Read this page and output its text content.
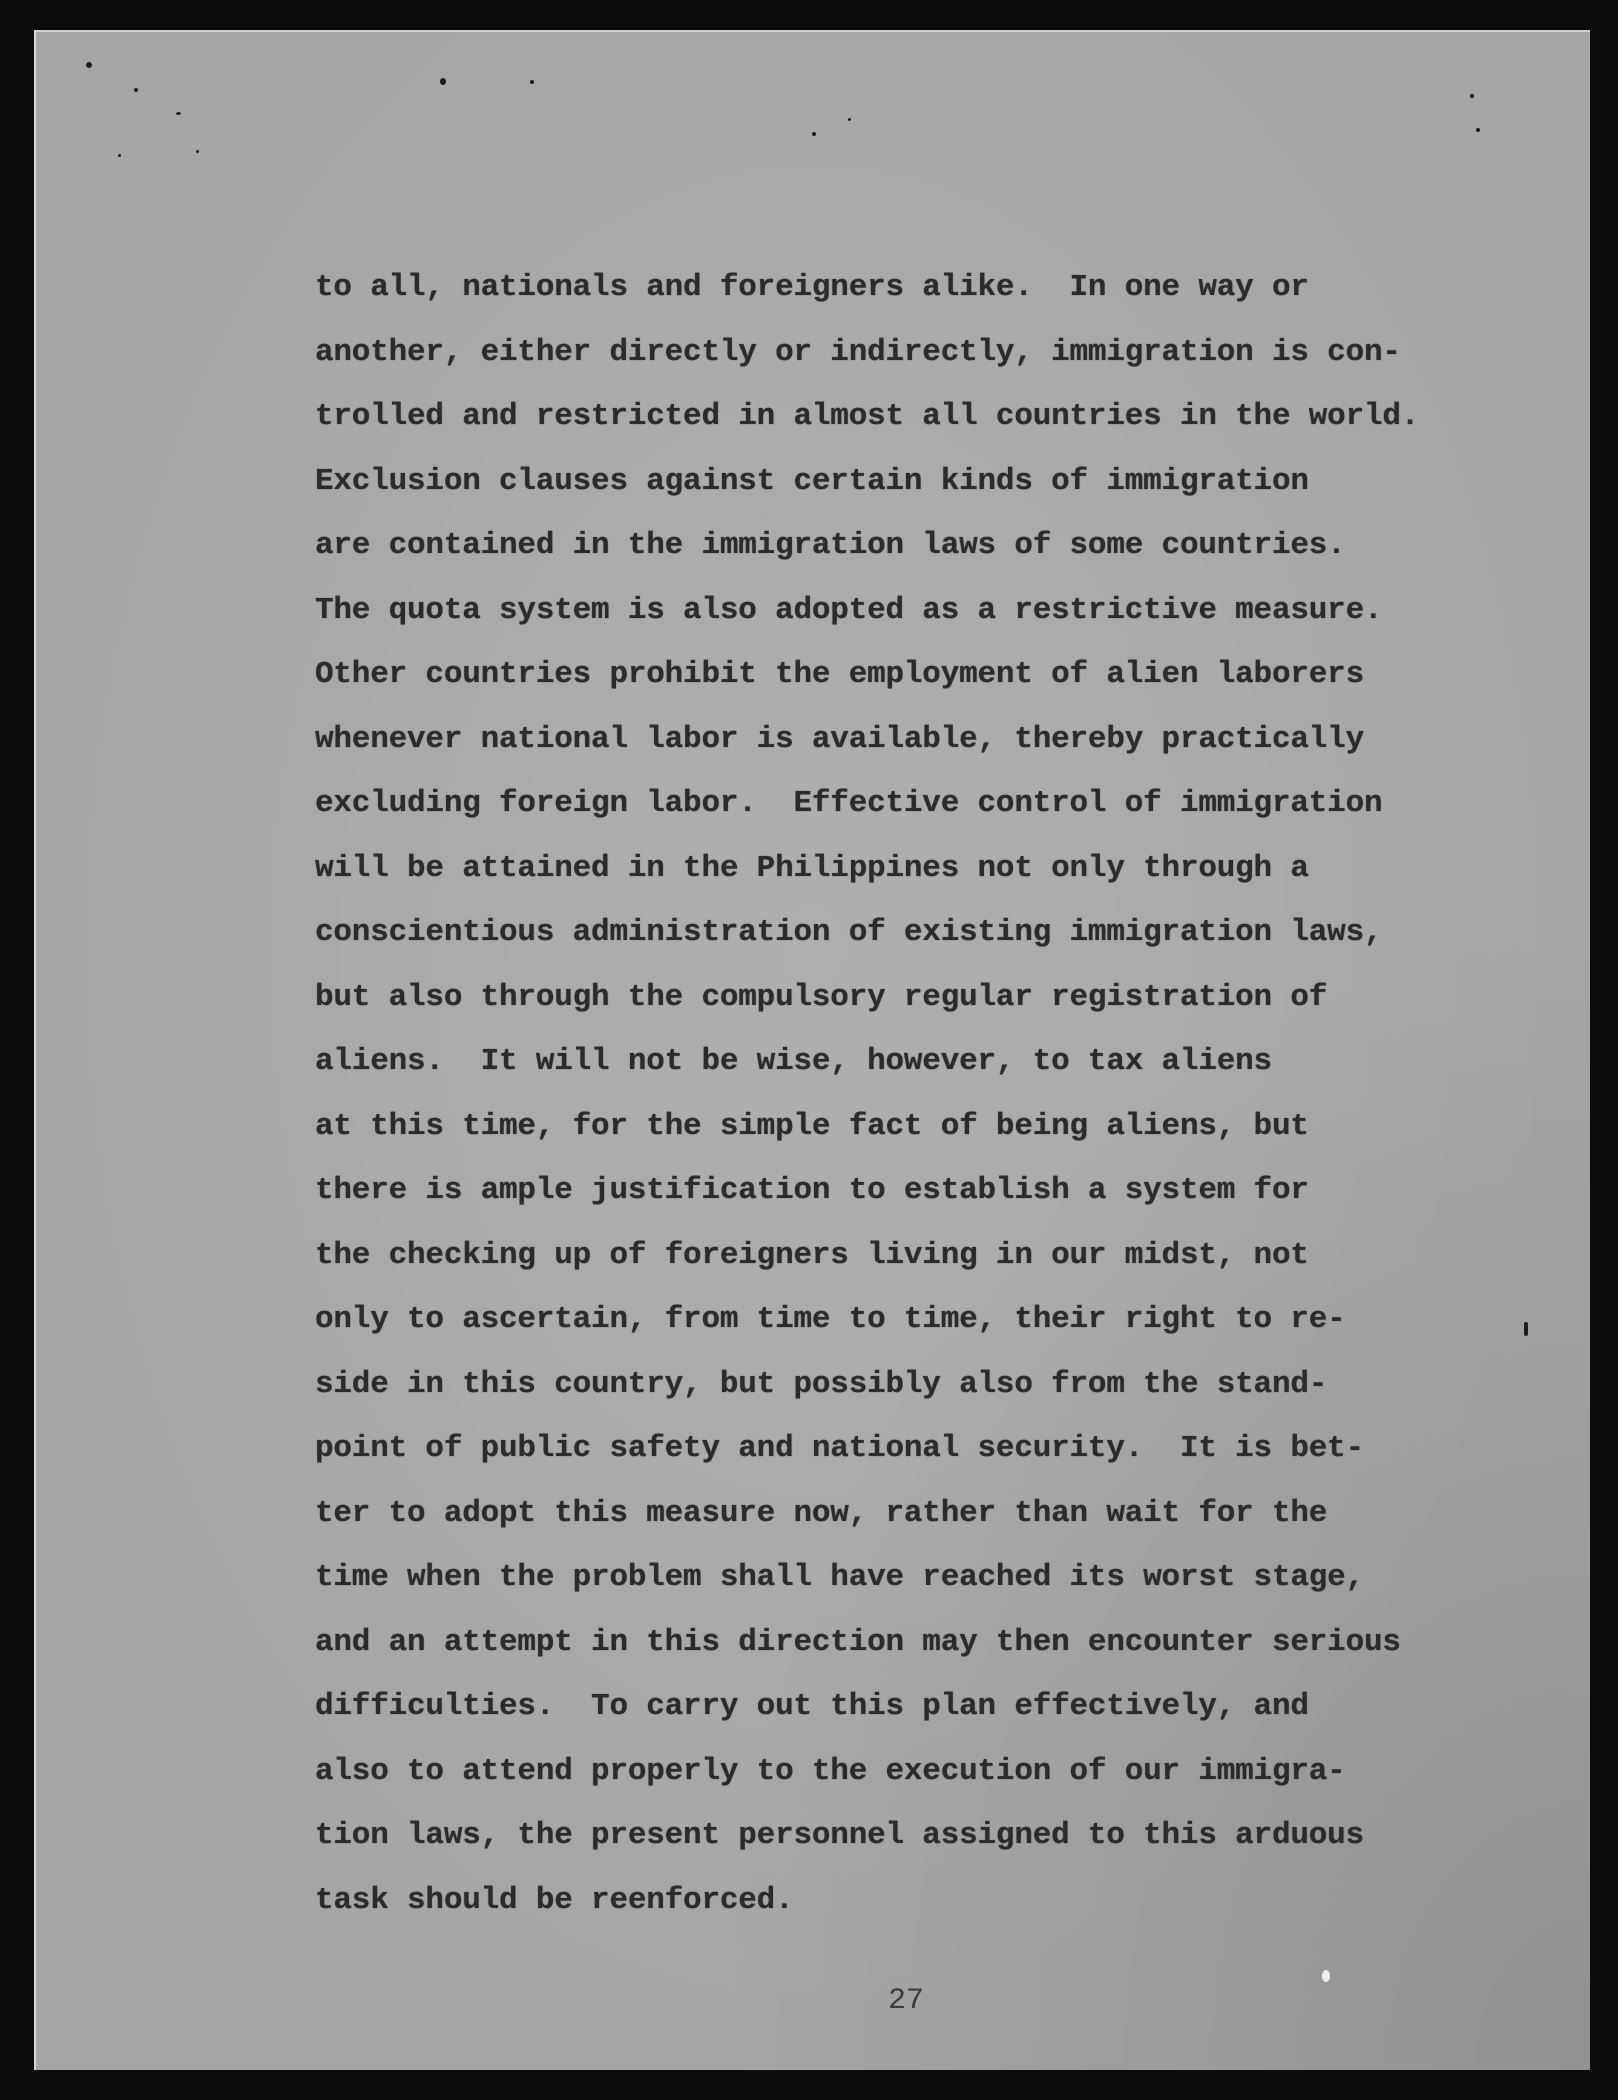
to all, nationals and foreigners alike.  In one way or
another, either directly or indirectly, immigration is con-
trolled and restricted in almost all countries in the world.
Exclusion clauses against certain kinds of immigration
are contained in the immigration laws of some countries.
The quota system is also adopted as a restrictive measure.
Other countries prohibit the employment of alien laborers
whenever national labor is available, thereby practically
excluding foreign labor.  Effective control of immigration
will be attained in the Philippines not only through a
conscientious administration of existing immigration laws,
but also through the compulsory regular registration of
aliens.  It will not be wise, however, to tax aliens
at this time, for the simple fact of being aliens, but
there is ample justification to establish a system for
the checking up of foreigners living in our midst, not
only to ascertain, from time to time, their right to re-
side in this country, but possibly also from the stand-
point of public safety and national security.  It is bet-
ter to adopt this measure now, rather than wait for the
time when the problem shall have reached its worst stage,
and an attempt in this direction may then encounter serious
difficulties.  To carry out this plan effectively, and
also to attend properly to the execution of our immigra-
tion laws, the present personnel assigned to this arduous
task should be reenforced.
27
